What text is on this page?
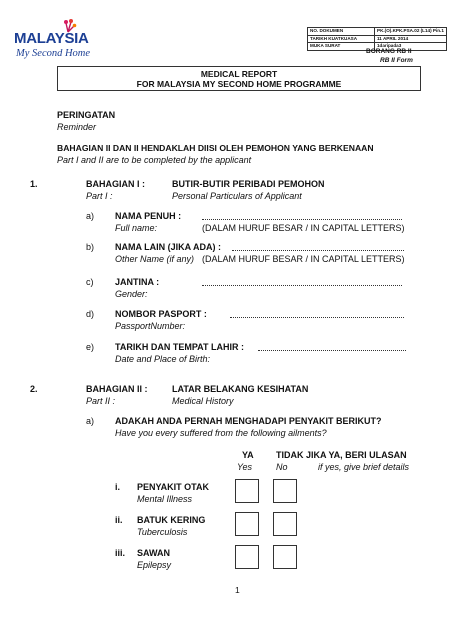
MALAYSIA
My Second Home
NO. DOKUMEN	PK.(O).KPK.PSA.02 (L14) Pin.1
TARIKH KUATKUASA	11 APRIL 2014
MUKA SURAT	1daripada3
BORANG RB II
RB II Form
MEDICAL REPORT
FOR MALAYSIA MY SECOND HOME PROGRAMME
PERINGATAN
Reminder
BAHAGIAN II DAN II HENDAKLAH DIISI OLEH PEMOHON YANG BERKENAAN
Part I and II are to be completed by the applicant
1.	BAHAGIAN I :
Part I :
BUTIR-BUTIR PERIBADI PEMOHON
Personal Particulars of Applicant
a) NAMA PENUH :
Full name:	(DALAM HURUF BESAR / IN CAPITAL LETTERS)
b) NAMA LAIN (JIKA ADA) :
Other Name (if any) (DALAM HURUF BESAR / IN CAPITAL LETTERS)
c) JANTINA :
Gender:
d) NOMBOR PASPORT :
PassportNumber:
e) TARIKH DAN TEMPAT LAHIR :
Date and Place of Birth:
2.	BAHAGIAN II :
Part II :
LATAR BELAKANG KESIHATAN
Medical History
a) ADAKAH ANDA PERNAH MENGHADAPI PENYAKIT BERIKUT?
Have you every suffered from the following ailments?
YA TIDAK JIKA YA, BERI ULASAN
Yes	No	if yes, give brief details
i. PENYAKIT OTAK
Mental Illness
ii. BATUK KERING
Tuberculosis
iii. SAWAN
Epilepsy
1
